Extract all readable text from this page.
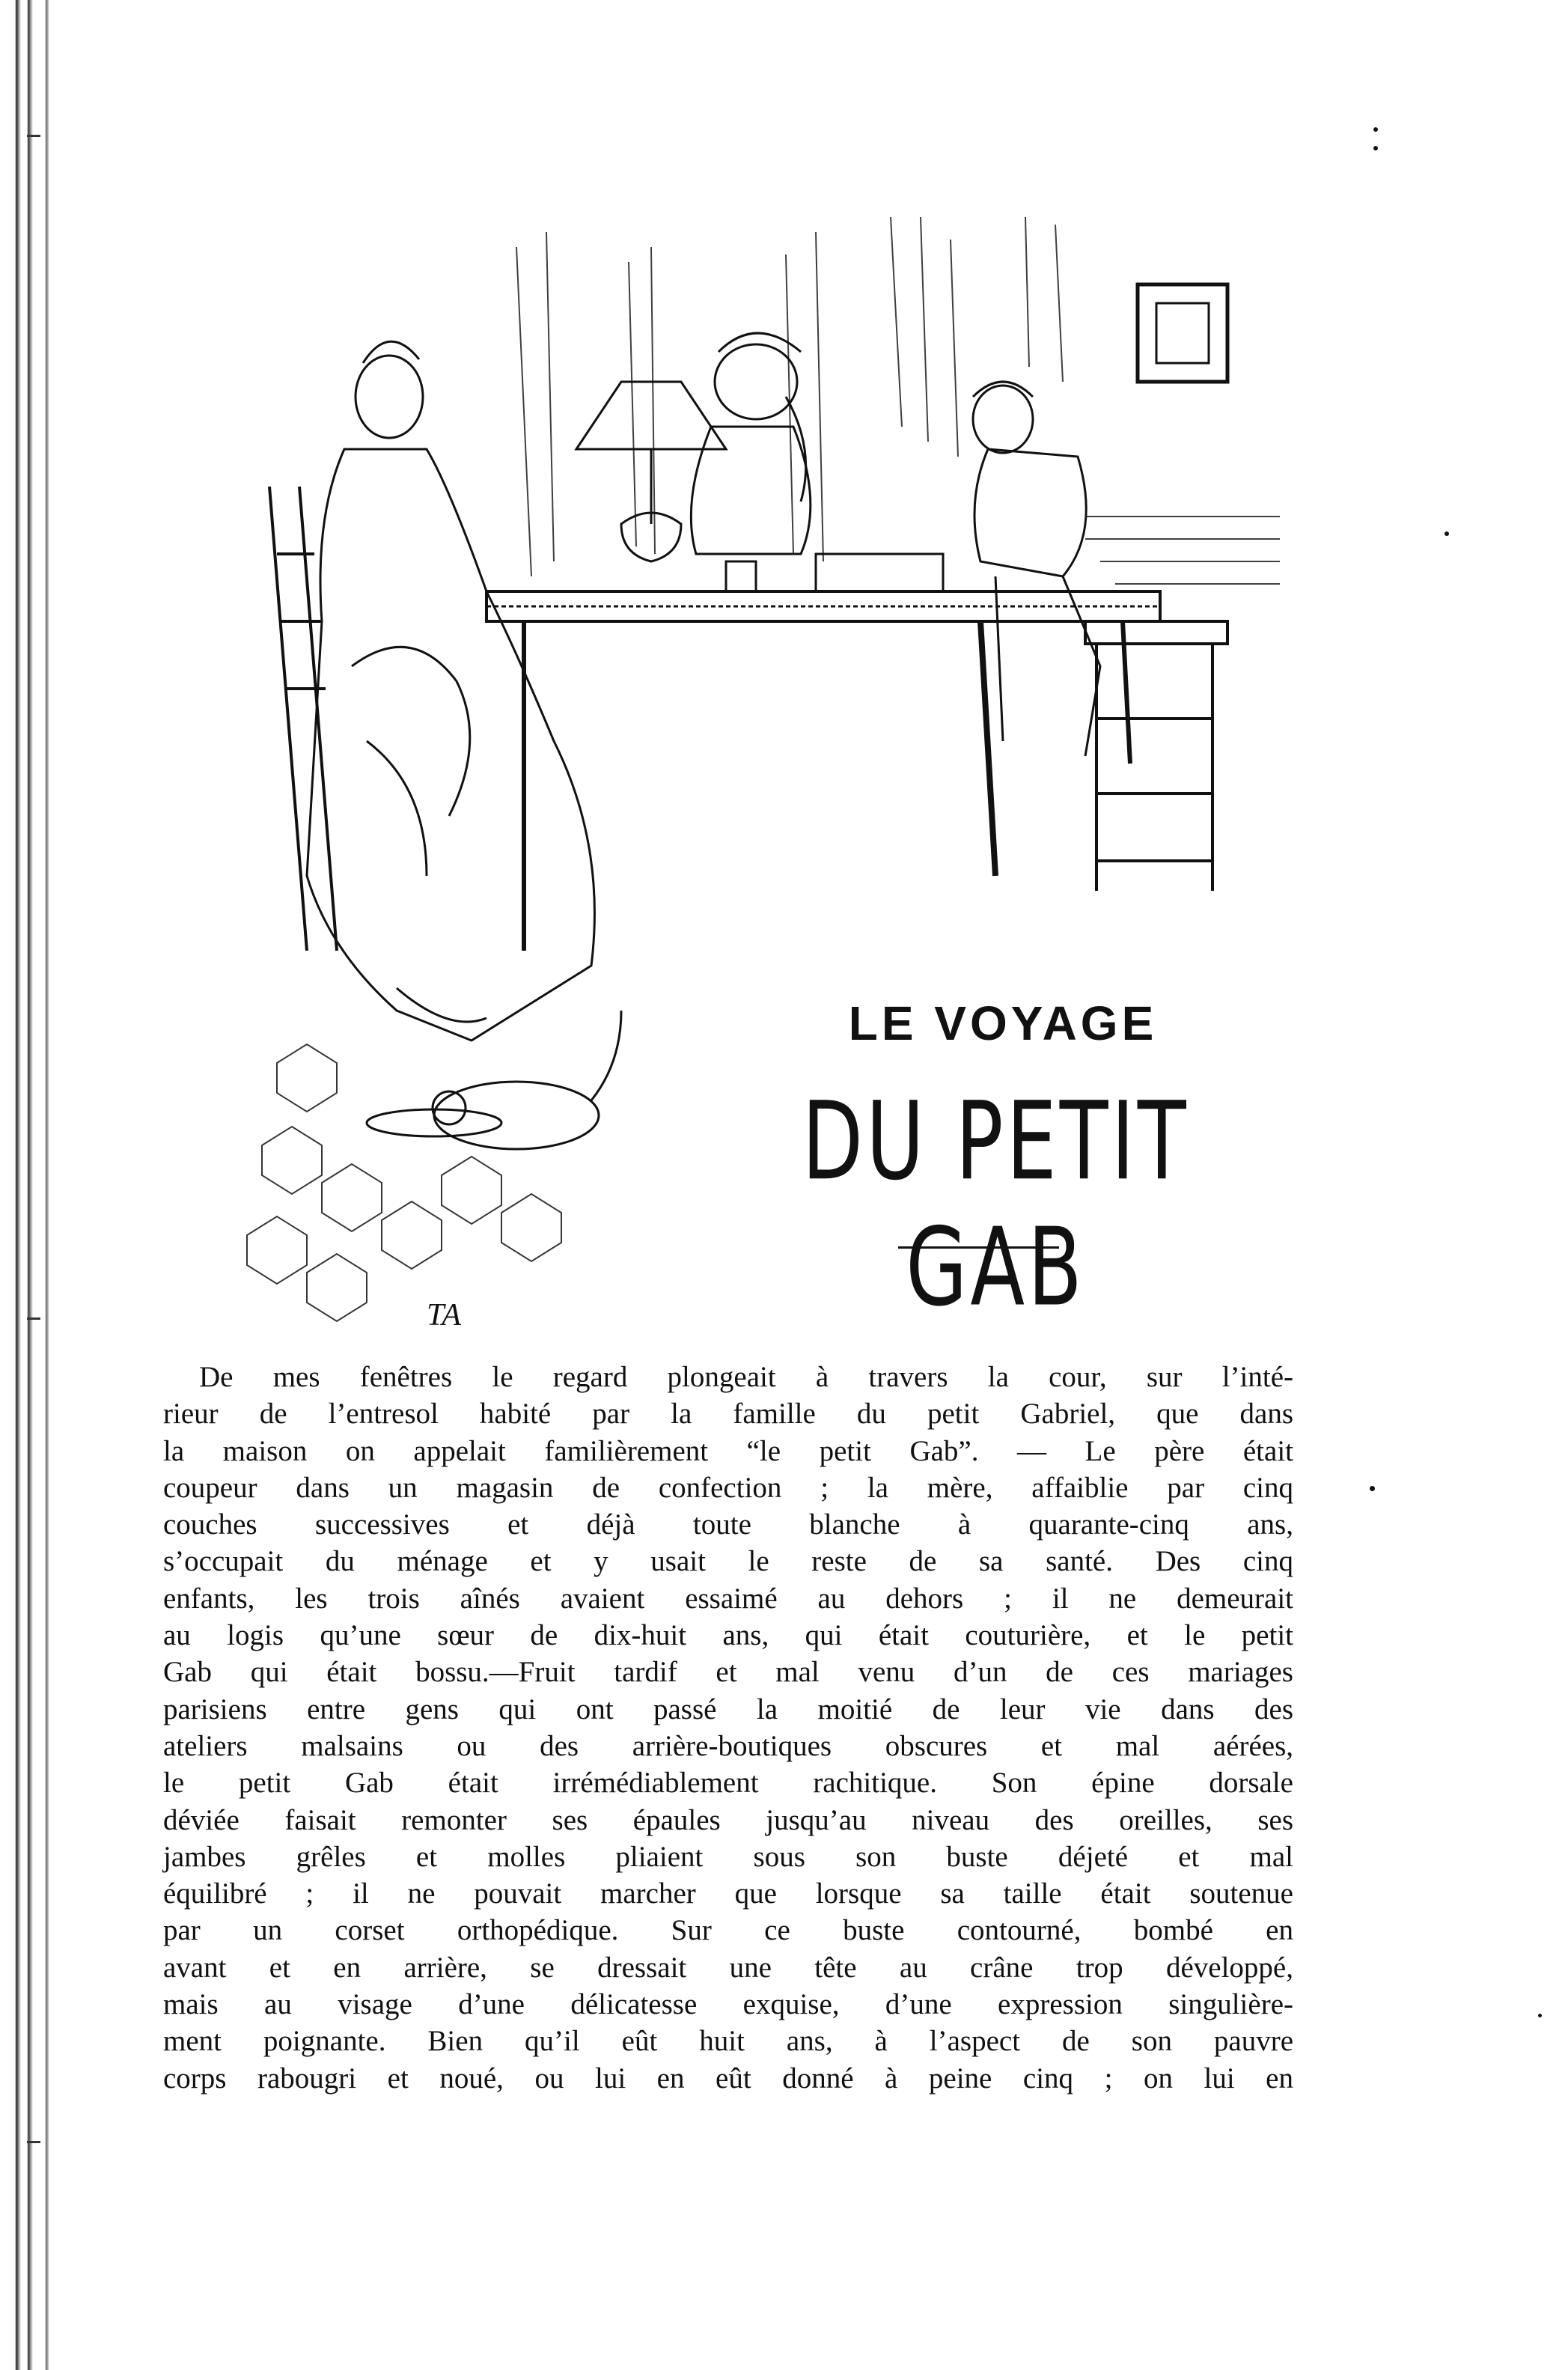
TA
LE VOYAGE
DU PETIT GAB
De mes fenêtres le regard plongeait à travers la cour, sur l’inté-
rieur de l’entresol habité par la famille du petit Gabriel, que dans
la maison on appelait familièrement “le petit Gab”. — Le père était
coupeur dans un magasin de confection ; la mère, affaiblie par cinq
couches successives et déjà toute blanche à quarante-cinq ans,
s’occupait du ménage et y usait le reste de sa santé. Des cinq
enfants, les trois aînés avaient essaimé au dehors ; il ne demeurait
au logis qu’une sœur de dix-huit ans, qui était couturière, et le petit
Gab qui était bossu.—Fruit tardif et mal venu d’un de ces mariages
parisiens entre gens qui ont passé la moitié de leur vie dans des
ateliers malsains ou des arrière-boutiques obscures et mal aérées,
le petit Gab était irrémédiablement rachitique. Son épine dorsale
déviée faisait remonter ses épaules jusqu’au niveau des oreilles, ses
jambes grêles et molles pliaient sous son buste déjeté et mal
équilibré ; il ne pouvait marcher que lorsque sa taille était soutenue
par un corset orthopédique. Sur ce buste contourné, bombé en
avant et en arrière, se dressait une tête au crâne trop développé,
mais au visage d’une délicatesse exquise, d’une expression singulière-
ment poignante. Bien qu’il eût huit ans, à l’aspect de son pauvre
corps rabougri et noué, ou lui en eût donné à peine cinq ; on lui en
